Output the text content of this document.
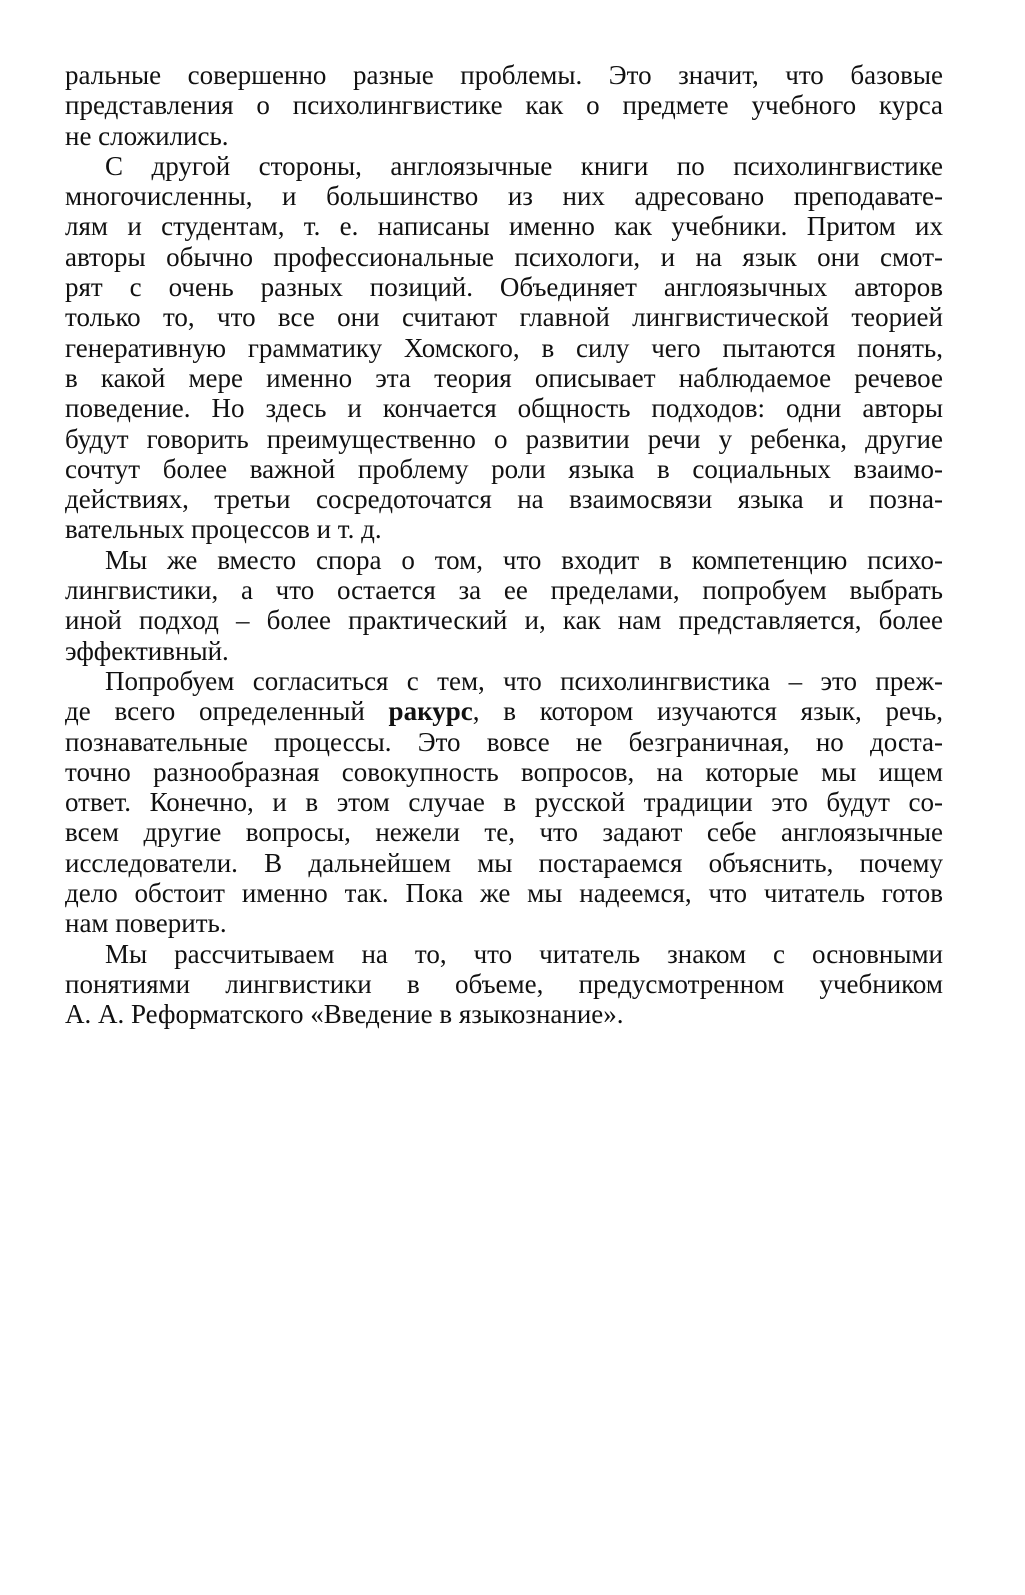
ральные совершенно разные проблемы. Это значит, что базовые
представления о психолингвистике как о предмете учебного курса
не сложились.
С другой стороны, англоязычные книги по психолингвистике
многочисленны, и большинство из них адресовано преподавате-
лям и студентам, т. е. написаны именно как учебники. Притом их
авторы обычно профессиональные психологи, и на язык они смот-
рят с очень разных позиций. Объединяет англоязычных авторов
только то, что все они считают главной лингвистической теорией
генеративную грамматику Хомского, в силу чего пытаются понять,
в какой мере именно эта теория описывает наблюдаемое речевое
поведение. Но здесь и кончается общность подходов: одни авторы
будут говорить преимущественно о развитии речи у ребенка, другие
сочтут более важной проблему роли языка в социальных взаимо-
действиях, третьи сосредоточатся на взаимосвязи языка и позна-
вательных процессов и т. д.
Мы же вместо спора о том, что входит в компетенцию психо-
лингвистики, а что остается за ее пределами, попробуем выбрать
иной подход – более практический и, как нам представляется, более
эффективный.
Попробуем согласиться с тем, что психолингвистика – это преж-
де всего определенный ракурс, в котором изучаются язык, речь,
познавательные процессы. Это вовсе не безграничная, но доста-
точно разнообразная совокупность вопросов, на которые мы ищем
ответ. Конечно, и в этом случае в русской традиции это будут со-
всем другие вопросы, нежели те, что задают себе англоязычные
исследователи. В дальнейшем мы постараемся объяснить, почему
дело обстоит именно так. Пока же мы надеемся, что читатель готов
нам поверить.
Мы рассчитываем на то, что читатель знаком с основными
понятиями лингвистики в объеме, предусмотренном учебником
А. А. Реформатского «Введение в языкознание».
